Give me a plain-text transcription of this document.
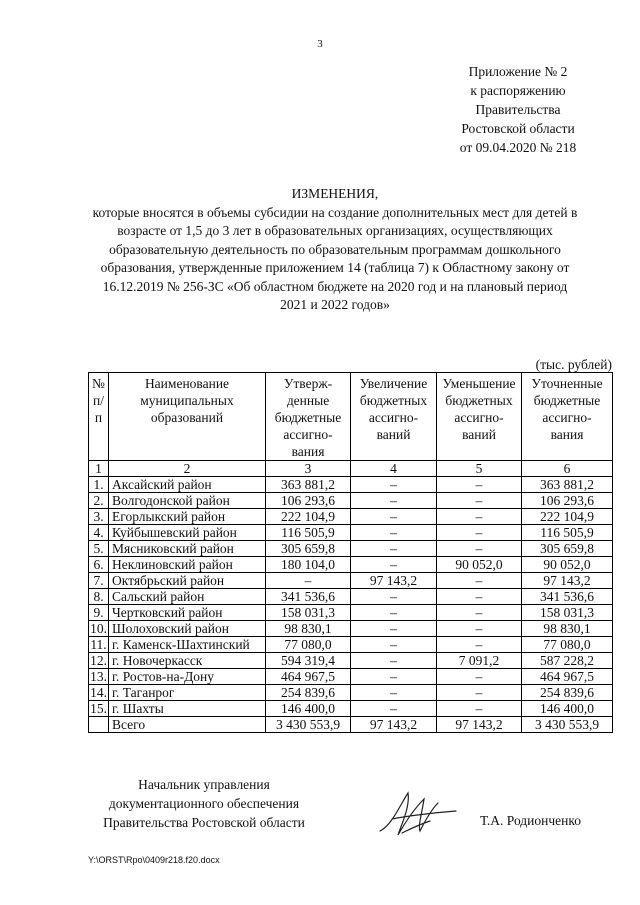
3
Приложение № 2
к распоряжению
Правительства
Ростовской области
от 09.04.2020 № 218
ИЗМЕНЕНИЯ,
которые вносятся в объемы субсидии на создание дополнительных мест для детей в возрасте от 1,5 до 3 лет в образовательных организациях, осуществляющих образовательную деятельность по образовательным программам дошкольного образования, утвержденные приложением 14 (таблица 7) к Областному закону от 16.12.2019 № 256-ЗС «Об областном бюджете на 2020 год и на плановый период 2021 и 2022 годов»
(тыс. рублей)
№ п/п	Наименование муниципальных образований	Утверж- денные бюджетные ассигно- вания	Увеличение бюджетных ассигно- ваний	Уменьшение бюджетных ассигно- ваний	Уточненные бюджетные ассигно- вания
1	2	3	4	5	6
1.	Аксайский район	363 881,2	–	–	363 881,2
2.	Волгодонской район	106 293,6	–	–	106 293,6
3.	Егорлыкский район	222 104,9	–	–	222 104,9
4.	Куйбышевский район	116 505,9	–	–	116 505,9
5.	Мясниковский район	305 659,8	–	–	305 659,8
6.	Неклиновский район	180 104,0	–	90 052,0	90 052,0
7.	Октябрьский район	–	97 143,2	–	97 143,2
8.	Сальский район	341 536,6	–	–	341 536,6
9.	Чертковский район	158 031,3	–	–	158 031,3
10.	Шолоховский район	98 830,1	–	–	98 830,1
11.	г. Каменск-Шахтинский	77 080,0	–	–	77 080,0
12.	г. Новочеркасск	594 319,4	–	7 091,2	587 228,2
13.	г. Ростов-на-Дону	464 967,5	–	–	464 967,5
14.	г. Таганрог	254 839,6	–	–	254 839,6
15.	г. Шахты	146 400,0	–	–	146 400,0
	Всего	3 430 553,9	97 143,2	97 143,2	3 430 553,9
Начальник управления
документационного обеспечения
Правительства Ростовской области	Т.А. Родионченко
Y:\ORST\Rpo\0409r218.f20.docx
